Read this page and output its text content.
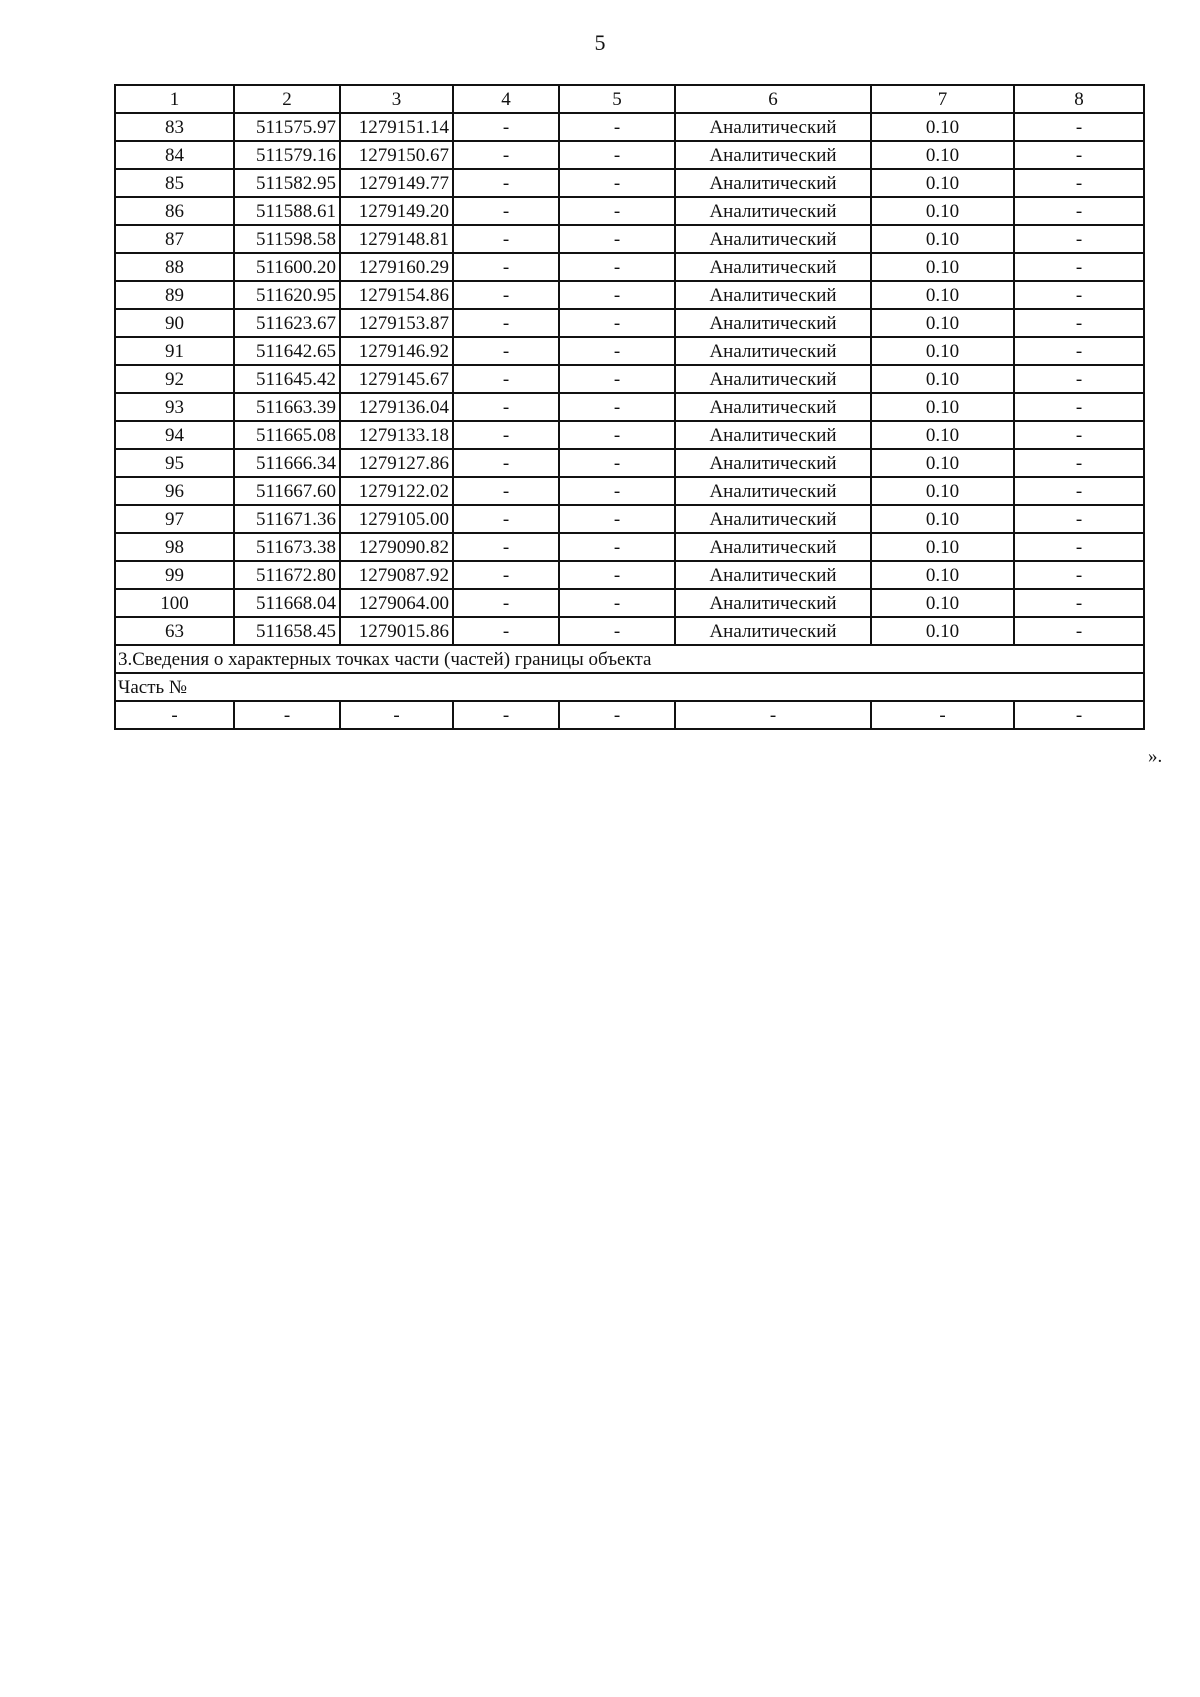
5
1	2	3	4	5	6	7	8
83	511575.97	1279151.14	-	-	Аналитический	0.10	-
84	511579.16	1279150.67	-	-	Аналитический	0.10	-
85	511582.95	1279149.77	-	-	Аналитический	0.10	-
86	511588.61	1279149.20	-	-	Аналитический	0.10	-
87	511598.58	1279148.81	-	-	Аналитический	0.10	-
88	511600.20	1279160.29	-	-	Аналитический	0.10	-
89	511620.95	1279154.86	-	-	Аналитический	0.10	-
90	511623.67	1279153.87	-	-	Аналитический	0.10	-
91	511642.65	1279146.92	-	-	Аналитический	0.10	-
92	511645.42	1279145.67	-	-	Аналитический	0.10	-
93	511663.39	1279136.04	-	-	Аналитический	0.10	-
94	511665.08	1279133.18	-	-	Аналитический	0.10	-
95	511666.34	1279127.86	-	-	Аналитический	0.10	-
96	511667.60	1279122.02	-	-	Аналитический	0.10	-
97	511671.36	1279105.00	-	-	Аналитический	0.10	-
98	511673.38	1279090.82	-	-	Аналитический	0.10	-
99	511672.80	1279087.92	-	-	Аналитический	0.10	-
100	511668.04	1279064.00	-	-	Аналитический	0.10	-
63	511658.45	1279015.86	-	-	Аналитический	0.10	-
3.Сведения о характерных точках части (частей) границы объекта							
Часть №							
-	-	-	-	-	-	-	-
».
